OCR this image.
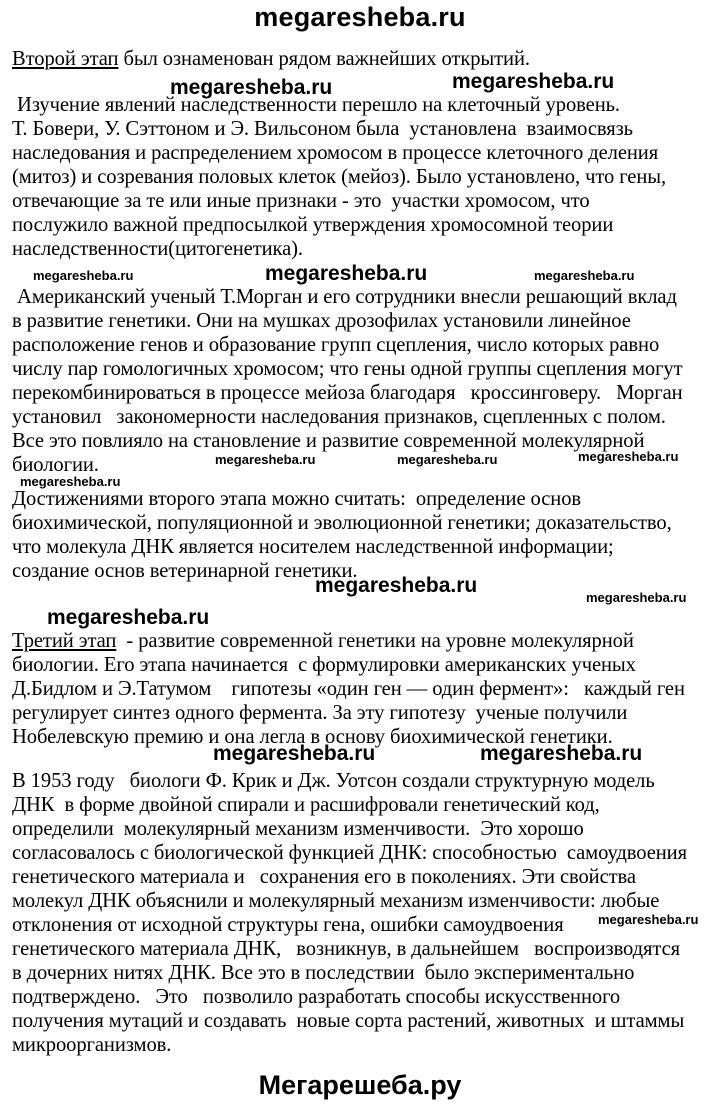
megaresheba.ru
Второй этап был ознаменован рядом важнейших открытий.
megaresheba.ru	megaresheba.ru
Изучение явлений наследственности перешло на клеточный уровень.
Т. Бовери, У. Сэттоном и Э. Вильсоном была  установлена  взаимосвязь
наследования и распределением хромосом в процессе клеточного деления
(митоз) и созревания половых клеток (мейоз). Было установлено, что гены,
отвечающие за те или иные признаки - это  участки хромосом, что
послужило важной предпосылкой утверждения хромосомной теории
наследственности(цитогенетика).
megaresheba.ru	megaresheba.ru	megaresheba.ru
Американский ученый Т.Морган и его сотрудники внесли решающий вклад
в развитие генетики. Они на мушках дрозофилах установили линейное
расположение генов и образование групп сцепления, число которых равно
числу пар гомологичных хромосом; что гены одной группы сцепления могут
перекомбинироваться в процессе мейоза благодаря   кроссинговеру.   Морган
установил   закономерности наследования признаков, сцепленных с полом.
Все это повлияло на становление и развитие современной молекулярной
биологии.	megaresheba.ru	megaresheba.ru	megaresheba.ru
megaresheba.ru
Достижениями второго этапа можно считать:  определение основ
биохимической, популяционной и эволюционной генетики; доказательство,
что молекула ДНК является носителем наследственной информации;
создание основ ветеринарной генетики.
megaresheba.ru
megaresheba.ru
megaresheba.ru
Третий этап  - развитие современной генетики на уровне молекулярной
биологии. Его этапа начинается  с формулировки американских ученых
Д.Бидлом и Э.Татумом    гипотезы «один ген — один фермент»:   каждый ген
регулирует синтез одного фермента. За эту гипотезу  ученые получили
Нобелевскую премию и она легла в основу биохимической генетики.
megaresheba.ru	megaresheba.ru
В 1953 году   биологи Ф. Крик и Дж. Уотсон создали структурную модель
ДНК  в форме двойной спирали и расшифровали генетический код,
определили  молекулярный механизм изменчивости.  Это хорошо
согласовалось с биологической функцией ДНК: способностью  самоудвоения
генетического материала и   сохранения его в поколениях. Эти свойства
молекул ДНК объяснили и молекулярный механизм изменчивости: любые
отклонения от исходной структуры гена, ошибки самоудвоения
генетического материала ДНК,   возникнув, в дальнейшем   воспроизводятся
в дочерних нитях ДНК. Все это в последствии  было экспериментально
подтверждено.   Это   позволило разработать способы искусственного
получения мутаций и создавать  новые сорта растений, животных  и штаммы
микроорганизмов.
megaresheba.ru
Мегарешеба.ру
